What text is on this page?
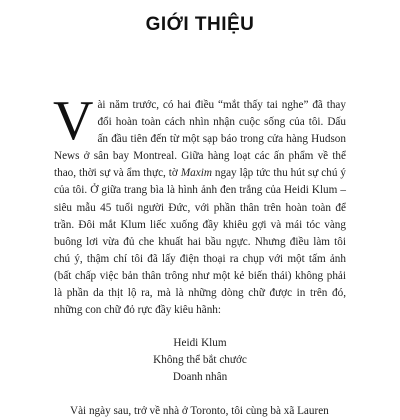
GIỚI THIỆU
Vài năm trước, có hai điều “mắt thấy tai nghe” đã thay đổi hoàn toàn cách nhìn nhận cuộc sống của tôi. Dấu ấn đầu tiên đến từ một sạp báo trong cửa hàng Hudson News ở sân bay Montreal. Giữa hàng loạt các ấn phẩm về thể thao, thời sự và ẩm thực, tờ Maxim ngay lập tức thu hút sự chú ý của tôi. Ở giữa trang bìa là hình ảnh đen trắng của Heidi Klum – siêu mẫu 45 tuổi người Đức, với phần thân trên hoàn toàn để trần. Đôi mắt Klum liếc xuống đầy khiêu gợi và mái tóc vàng buông lơi vừa đủ che khuất hai bầu ngực. Nhưng điều làm tôi chú ý, thậm chí tôi đã lấy điện thoại ra chụp với một tấm ảnh (bất chấp việc bản thân trông như một kẻ biến thái) không phải là phần da thịt lộ ra, mà là những dòng chữ được in trên đó, những con chữ đỏ rực đầy kiêu hãnh:
Heidi Klum
Không thể bắt chước
Doanh nhân
Vài ngày sau, trở về nhà ở Toronto, tôi cùng bà xã Lauren
